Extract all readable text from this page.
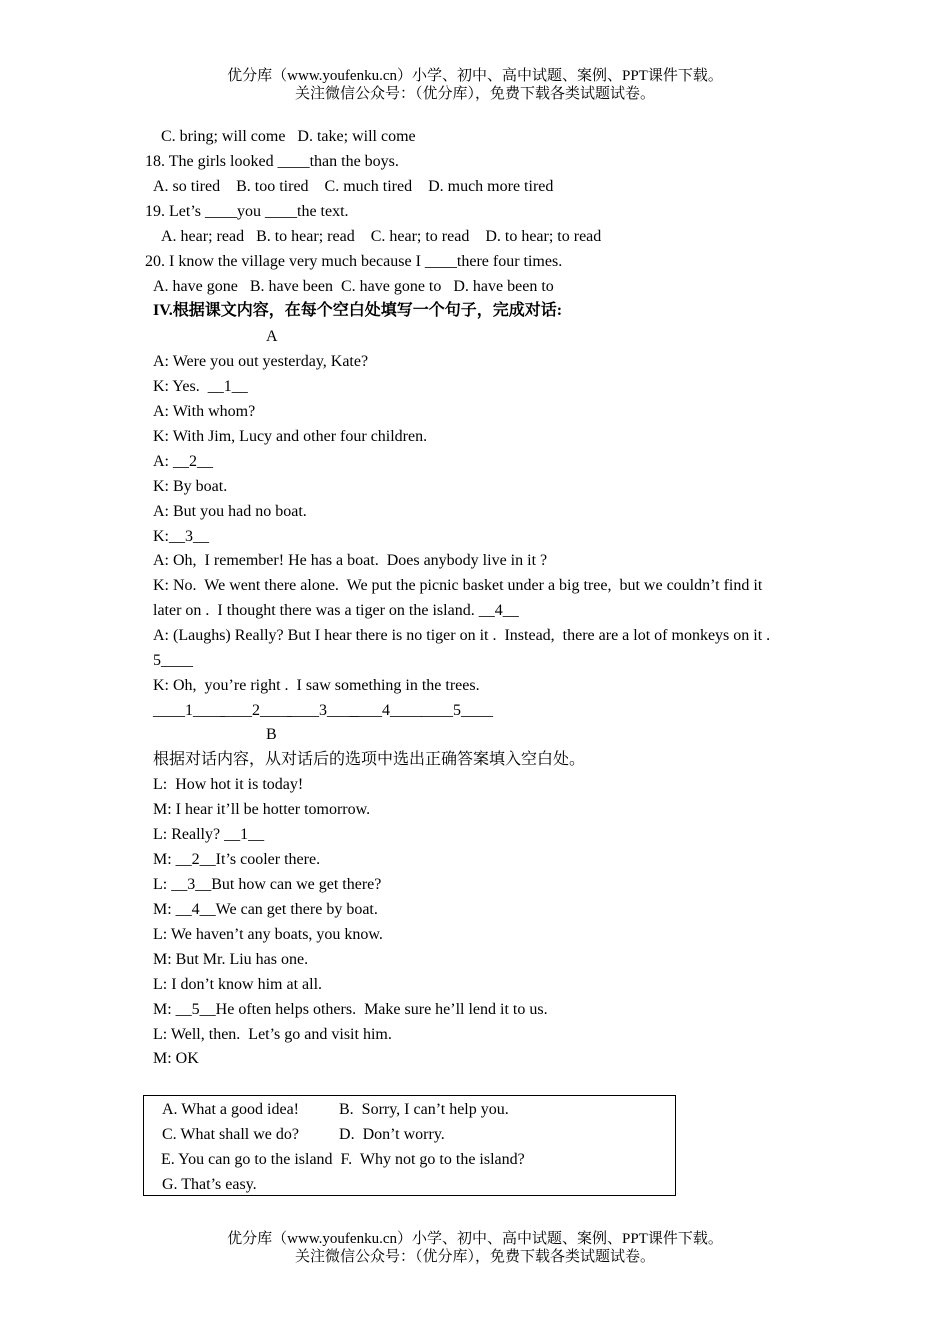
优分库（www.youfenku.cn）小学、初中、高中试题、案例、PPT课件下载。
关注微信公众号：（优分库），免费下载各类试题试卷。
C. bring; will come   D. take; will come
18. The girls looked ____than the boys.
A. so tired    B. too tired    C. much tired    D. much more tired
19. Let’s ____you ____the text.
A. hear; read   B. to hear; read    C. hear; to read    D. to hear; to read
20. I know the village very much because I ____there four times.
A. have gone   B. have been  C. have gone to   D. have been to
IV.根据课文内容，在每个空白处填写一个句子，完成对话:
A
A: Were you out yesterday, Kate?
K: Yes.  __1__
A: With whom?
K: With Jim, Lucy and other four children.
A: __2__
K: By boat.
A: But you had no boat.
K:__3__
A: Oh,  I remember! He has a boat.  Does anybody live in it ?
K: No.  We went there alone.  We put the picnic basket under a big tree,  but we couldn’t find it
later on .  I thought there was a tiger on the island. __4__
A: (Laughs) Really? But I hear there is no tiger on it .  Instead,  there are a lot of monkeys on it .
5____
K: Oh,  you’re right .  I saw something in the trees.
____1____
____2____
____3____
____4____ ____5____
B
根据对话内容，从对话后的选项中选出正确答案填入空白处。
L:  How hot it is today!
M: I hear it’ll be hotter tomorrow.
L: Really? __1__
M: __2__It’s cooler there.
L: __3__But how can we get there?
M: __4__We can get there by boat.
L: We haven’t any boats, you know.
M: But Mr. Liu has one.
L: I don’t know him at all.
M: __5__He often helps others.  Make sure he’ll lend it to us.
L: Well, then.  Let’s go and visit him.
M: OK
A. What a good idea!          B.  Sorry, I can’t help you.
C. What shall we do?          D.  Don’t worry.
E. You can go to the island  F.  Why not go to the island?
G. That’s easy.
优分库（www.youfenku.cn）小学、初中、高中试题、案例、PPT课件下载。
关注微信公众号：（优分库），免费下载各类试题试卷。
